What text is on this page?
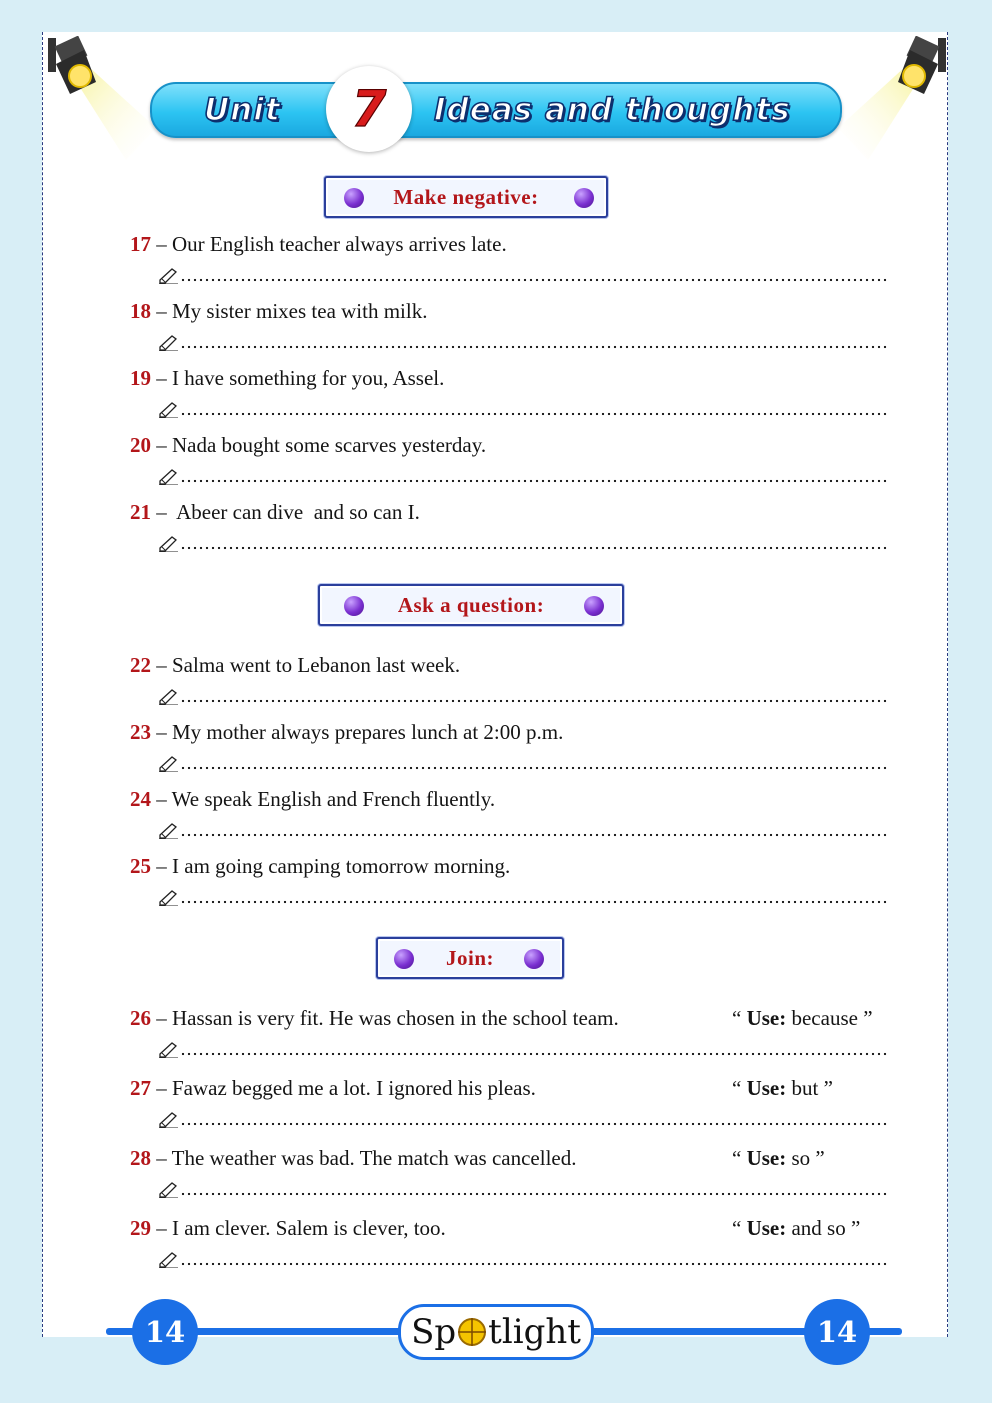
Unit	Ideas and thoughts
7
Make negative:
Ask a question:
Join:
17 – Our English teacher always arrives late.
18 – My sister mixes tea with milk.
19 – I have something for you, Assel.
20 – Nada bought some scarves yesterday.
21 –  Abeer can dive  and so can I.
22 – Salma went to Lebanon last week.
23 – My mother always prepares lunch at 2:00 p.m.
24 – We speak English and French fluently.
25 – I am going camping tomorrow morning.
26 – Hassan is very fit. He was chosen in the school team.	“ Use: because ”
27 – Fawaz begged me a lot. I ignored his pleas.	“ Use: but ”
28 – The weather was bad. The match was cancelled.	“ Use: so ”
29 – I am clever. Salem is clever, too.	“ Use: and so ”
14	14
Sp tlight
